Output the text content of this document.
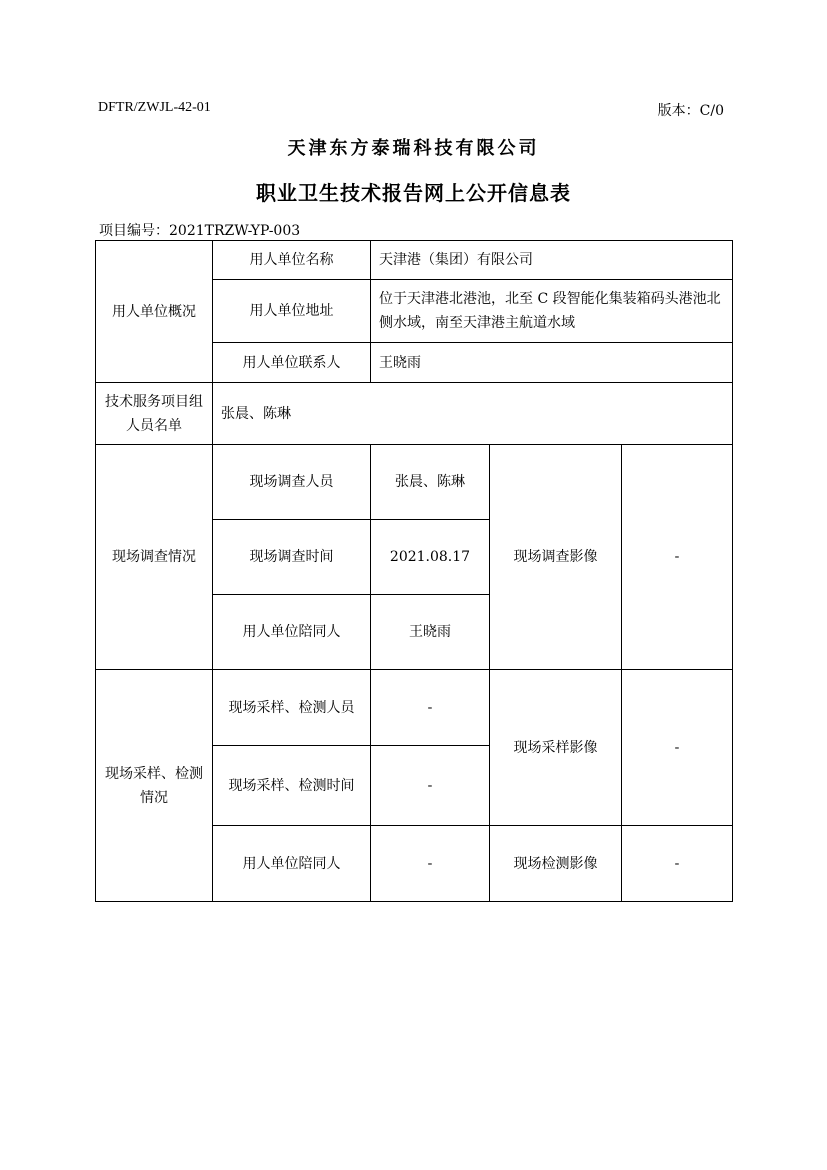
DFTR/ZWJL-42-01	版本：C/0
天津东方泰瑞科技有限公司
职业卫生技术报告网上公开信息表
项目编号：2021TRZW-YP-003
用人单位概况	用人单位名称	天津港（集团）有限公司		
	用人单位地址	位于天津港北港池，北至 C 段智能化集装箱码头港池北侧水域，南至天津港主航道水域		
	用人单位联系人	王晓雨		
技术服务项目组人员名单	张晨、陈琳			
现场调查情况	现场调查人员	张晨、陈琳	现场调查影像	-
	现场调查时间	2021.08.17		
	用人单位陪同人	王晓雨		
现场采样、检测情况	现场采样、检测人员	-	现场采样影像	-
	现场采样、检测时间	-		
	用人单位陪同人	-	现场检测影像	-
